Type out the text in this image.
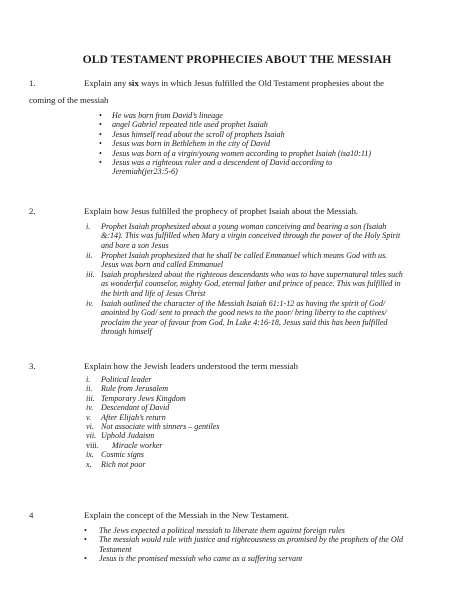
OLD TESTAMENT PROPHECIES ABOUT THE MESSIAH
1.	Explain any six ways in which Jesus fulfilled the Old Testament prophesies about the
coming of the messiah
• He was born from David’s lineage
• angel Gabriel repeated title used prophet Isaiah
• Jesus himself read about the scroll of prophets Isaiah
• Jesus was born in Bethlehem in the city of David
• Jesus was born of a virgin/young women according to prophet Isaiah (isa10:11)
• Jesus was a righteous ruler and a descendent of David according to Jeremiah(jer23:5-6)
2.	Explain how Jesus fulfilled the prophecy of prophet Isaiah about the Messiah.
i. Prophet Isaiah prophesized about a young woman conceiving and bearing a son (Isaiah &:14). This was fulfilled when Mary a virgin conceived through the power of the Holy Spirit and bore a son Jesus
ii. Prophet Isaiah prophesized that he shall be called Emmanuel which means God with us. Jesus was born and called Emmanuel
iii. Isaiah prophesized about the righteous descendants who was to have supernatural titles such as wonderful counselor, mighty God, eternal father and prince of peace. This was fulfilled in the birth and life of Jesus Christ
iv. Isaiah outlined the character of the Messiah Isaiah 61:1-12 as having the spirit of God/ anointed by God/ sent to preach the good news to the poor/ bring liberty to the captives/ proclaim the year of favour from God. In Luke 4:16-18, Jesus said this has been fulfilled through himself
3.	Explain how the Jewish leaders understood the term messiah
i. Political leader
ii. Rule from Jerusalem
iii. Temporary Jews Kingdom
iv. Descendant of David
v. After Elijah’s return
vi. Not associate with sinners – gentiles
vii. Uphold Judaism
viii. Miracle worker
ix. Cosmic signs
x. Rich not poor
4	Explain the concept of the Messiah in the New Testament.
• The Jews expected a political messiah to liberate them against foreign rules
• The messiah would rule with justice and righteousness as promised by the prophets of the Old Testament
• Jesus is the promised messiah who came as a suffering servant
